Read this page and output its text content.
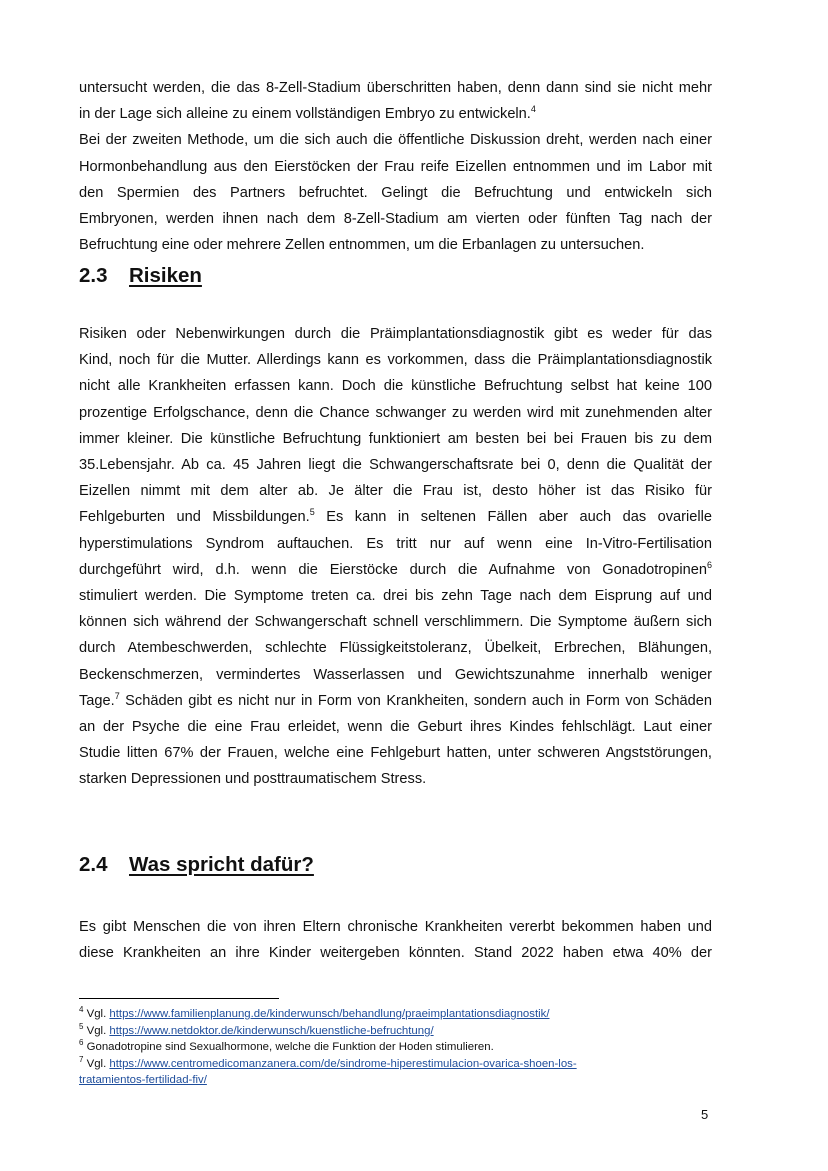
untersucht werden, die das 8-Zell-Stadium überschritten haben, denn dann sind sie nicht mehr
in der Lage sich alleine zu einem vollständigen Embryo zu entwickeln.$^4$
Bei der zweiten Methode, um die sich auch die öffentliche Diskussion dreht, werden nach einer
Hormonbehandlung aus den Eierstöcken der Frau reife Eizellen entnommen und im Labor mit
den Spermien des Partners befruchtet. Gelingt die Befruchtung und entwickeln sich
Embryonen, werden ihnen nach dem 8-Zell-Stadium am vierten oder fünften Tag nach der
Befruchtung eine oder mehrere Zellen entnommen, um die Erbanlagen zu untersuchen.
2.3 Risiken
Risiken oder Nebenwirkungen durch die Präimplantationsdiagnostik gibt es weder für das
Kind, noch für die Mutter. Allerdings kann es vorkommen, dass die Präimplantationsdiagnostik
nicht alle Krankheiten erfassen kann. Doch die künstliche Befruchtung selbst hat keine 100
prozentige Erfolgschance, denn die Chance schwanger zu werden wird mit zunehmenden alter
immer kleiner. Die künstliche Befruchtung funktioniert am besten bei bei Frauen bis zu dem
35.Lebensjahr. Ab ca. 45 Jahren liegt die Schwangerschaftsrate bei 0, denn die Qualität der
Eizellen nimmt mit dem alter ab. Je älter die Frau ist, desto höher ist das Risiko für
Fehlgeburten und Missbildungen.$^5$ Es kann in seltenen Fällen aber auch das ovarielle
hyperstimulations Syndrom auftauchen. Es tritt nur auf wenn eine In-Vitro-Fertilisation
durchgeführt wird, d.h. wenn die Eierstöcke durch die Aufnahme von Gonadotropinen$^6$
stimuliert werden. Die Symptome treten ca. drei bis zehn Tage nach dem Eisprung auf und
können sich während der Schwangerschaft schnell verschlimmern. Die Symptome äußern sich
durch Atembeschwerden, schlechte Flüssigkeitstoleranz, Übelkeit, Erbrechen, Blähungen,
Beckenschmerzen, vermindertes Wasserlassen und Gewichtszunahme innerhalb weniger
Tage.$^7$ Schäden gibt es nicht nur in Form von Krankheiten, sondern auch in Form von Schäden
an der Psyche die eine Frau erleidet, wenn die Geburt ihres Kindes fehlschlägt. Laut einer
Studie litten 67% der Frauen, welche eine Fehlgeburt hatten, unter schweren Angststörungen,
starken Depressionen und posttraumatischem Stress.
2.4 Was spricht dafür?
Es gibt Menschen die von ihren Eltern chronische Krankheiten vererbt bekommen haben und
diese Krankheiten an ihre Kinder weitergeben könnten. Stand 2022 haben etwa 40% der
$^4$ Vgl. https://www.familienplanung.de/kinderwunsch/behandlung/praeimplantationsdiagnostik/
$^5$ Vgl. https://www.netdoktor.de/kinderwunsch/kuenstliche-befruchtung/
$^6$ Gonadotropine sind Sexualhormone, welche die Funktion der Hoden stimulieren.
$^7$ Vgl. https://www.centromedicomanzanera.com/de/sindrome-hiperestimulacion-ovarica-shoen-los-
tratamientos-fertilidad-fiv/
5
